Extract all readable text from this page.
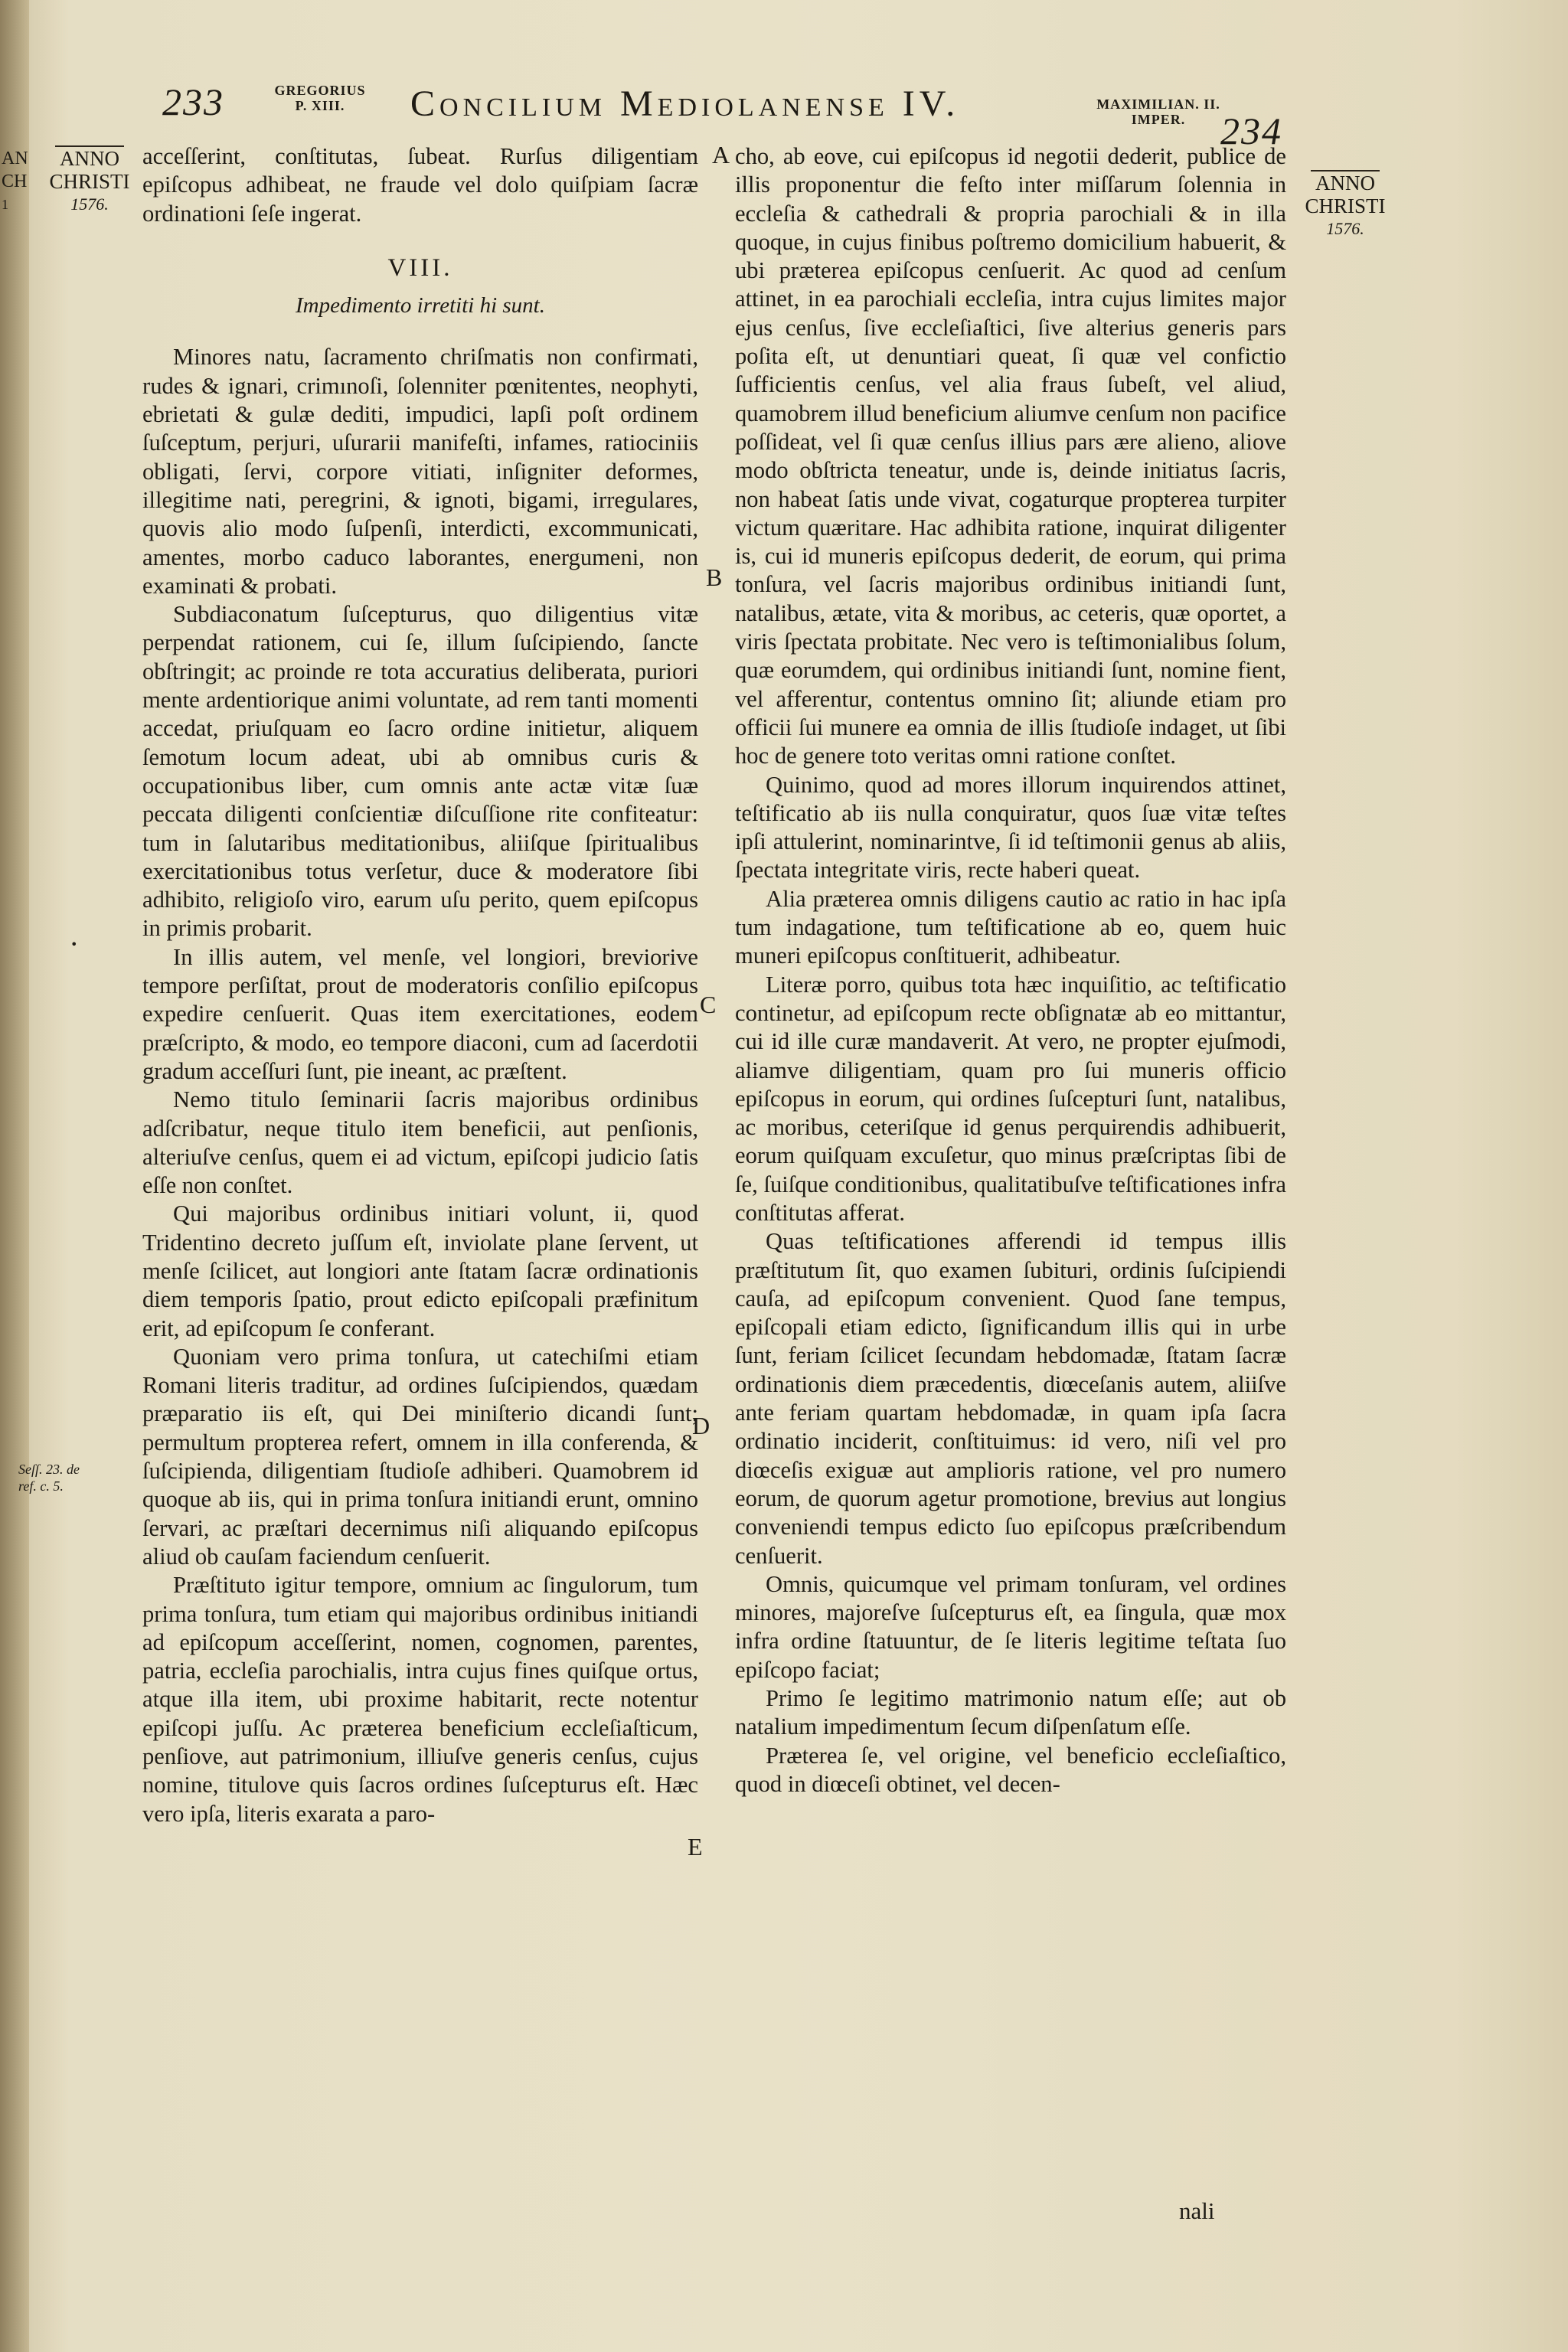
AN
CH
1
233	GREGORIUS
P. XIII.	Concilium Mediolanense IV.	MAXIMILIAN. II.
IMPER. 234
ANNO
CHRISTI
1576.
ANNO
CHRISTI
1576.
A
B
C
D
E
Seſſ. 23. de
ref. c. 5.
•

acceſſerint, conſtitutas, ſubeat. Rurſus diligentiam epiſcopus adhibeat, ne fraude vel dolo quiſpiam ſacræ ordinationi ſeſe ingerat.

VIII.

Impedimento irretiti hi sunt.

Minores natu, ſacramento chriſmatis non confirmati, rudes & ignari, crimınoſi, ſolenniter pœnitentes, neophyti, ebrietati & gulæ dediti, impudici, lapſi poſt ordinem ſuſceptum, perjuri, uſurarii manifeſti, infames, ratiociniis obligati, ſervi, corpore vitiati, inſigniter deformes, illegitime nati, peregrini, & ignoti, bigami, irregulares, quovis alio modo ſuſpenſi, interdicti, excommunicati, amentes, morbo caduco laborantes, energumeni, non examinati & probati.

Subdiaconatum ſuſcepturus, quo diligentius vitæ perpendat rationem, cui ſe, illum ſuſcipiendo, ſancte obſtringit; ac proinde re tota accuratius deliberata, puriori mente ardentiorique animi voluntate, ad rem tanti momenti accedat, priuſquam eo ſacro ordine initietur, aliquem ſemotum locum adeat, ubi ab omnibus curis & occupationibus liber, cum omnis ante actæ vitæ ſuæ peccata diligenti conſcientiæ diſcuſſione rite confiteatur: tum in ſalutaribus meditationibus, aliiſque ſpiritualibus exercitationibus totus verſetur, duce & moderatore ſibi adhibito, religioſo viro, earum uſu perito, quem epiſcopus in primis probarit.

In illis autem, vel menſe, vel longiori, breviorive tempore perſiſtat, prout de moderatoris conſilio epiſcopus expedire cenſuerit. Quas item exercitationes, eodem præſcripto, & modo, eo tempore diaconi, cum ad ſacerdotii gradum acceſſuri ſunt, pie ineant, ac præſtent.

Nemo titulo ſeminarii ſacris majoribus ordinibus adſcribatur, neque titulo item beneficii, aut penſionis, alteriuſve cenſus, quem ei ad victum, epiſcopi judicio ſatis eſſe non conſtet.

Qui majoribus ordinibus initiari volunt, ii, quod Tridentino decreto juſſum eſt, inviolate plane ſervent, ut menſe ſcilicet, aut longiori ante ſtatam ſacræ ordinationis diem temporis ſpatio, prout edicto epiſcopali præfinitum erit, ad epiſcopum ſe conferant.

Quoniam vero prima tonſura, ut catechiſmi etiam Romani literis traditur, ad ordines ſuſcipiendos, quædam præparatio iis eſt, qui Dei miniſterio dicandi ſunt; permultum propterea refert, omnem in illa conferenda, & ſuſcipienda, diligentiam ſtudioſe adhiberi. Quamobrem id quoque ab iis, qui in prima tonſura initiandi erunt, omnino ſervari, ac præſtari decernimus niſi aliquando epiſcopus aliud ob cauſam faciendum cenſuerit.

Præſtituto igitur tempore, omnium ac ſingulorum, tum prima tonſura, tum etiam qui majoribus ordinibus initiandi ad epiſcopum acceſſerint, nomen, cognomen, parentes, patria, eccleſia parochialis, intra cujus fines quiſque ortus, atque illa item, ubi proxime habitarit, recte notentur epiſcopi juſſu. Ac præterea beneficium eccleſiaſticum, penſiove, aut patrimonium, illiuſve generis cenſus, cujus nomine, titulove quis ſacros ordines ſuſcepturus eſt. Hæc vero ipſa, literis exarata a paro-

cho, ab eove, cui epiſcopus id negotii dederit, publice de illis proponentur die feſto inter miſſarum ſolennia in eccleſia & cathedrali & propria parochiali & in illa quoque, in cujus finibus poſtremo domicilium habuerit, & ubi præterea epiſcopus cenſuerit. Ac quod ad cenſum attinet, in ea parochiali eccleſia, intra cujus limites major ejus cenſus, ſive eccleſiaſtici, ſive alterius generis pars poſita eſt, ut denuntiari queat, ſi quæ vel confictio ſufficientis cenſus, vel alia fraus ſubeſt, vel aliud, quamobrem illud beneficium aliumve cenſum non pacifice poſſideat, vel ſi quæ cenſus illius pars ære alieno, aliove modo obſtricta teneatur, unde is, deinde initiatus ſacris, non habeat ſatis unde vivat, cogaturque propterea turpiter victum quæritare. Hac adhibita ratione, inquirat diligenter is, cui id muneris epiſcopus dederit, de eorum, qui prima tonſura, vel ſacris majoribus ordinibus initiandi ſunt, natalibus, ætate, vita & moribus, ac ceteris, quæ oportet, a viris ſpectata probitate. Nec vero is teſtimonialibus ſolum, quæ eorumdem, qui ordinibus initiandi ſunt, nomine fient, vel afferentur, contentus omnino ſit; aliunde etiam pro officii ſui munere ea omnia de illis ſtudioſe indaget, ut ſibi hoc de genere toto veritas omni ratione conſtet.

Quinimo, quod ad mores illorum inquirendos attinet, teſtificatio ab iis nulla conquiratur, quos ſuæ vitæ teſtes ipſi attulerint, nominarintve, ſi id teſtimonii genus ab aliis, ſpectata integritate viris, recte haberi queat.

Alia præterea omnis diligens cautio ac ratio in hac ipſa tum indagatione, tum teſtificatione ab eo, quem huic muneri epiſcopus conſtituerit, adhibeatur.

Literæ porro, quibus tota hæc inquiſitio, ac teſtificatio continetur, ad epiſcopum recte obſignatæ ab eo mittantur, cui id ille curæ mandaverit. At vero, ne propter ejuſmodi, aliamve diligentiam, quam pro ſui muneris officio epiſcopus in eorum, qui ordines ſuſcepturi ſunt, natalibus, ac moribus, ceteriſque id genus perquirendis adhibuerit, eorum quiſquam excuſetur, quo minus præſcriptas ſibi de ſe, ſuiſque conditionibus, qualitatibuſve teſtificationes infra conſtitutas afferat.

Quas teſtificationes afferendi id tempus illis præſtitutum ſit, quo examen ſubituri, ordinis ſuſcipiendi cauſa, ad epiſcopum convenient. Quod ſane tempus, epiſcopali etiam edicto, ſignificandum illis qui in urbe ſunt, feriam ſcilicet ſecundam hebdomadæ, ſtatam ſacræ ordinationis diem præcedentis, diœceſanis autem, aliiſve ante feriam quartam hebdomadæ, in quam ipſa ſacra ordinatio inciderit, conſtituimus: id vero, niſi vel pro diœceſis exiguæ aut amplioris ratione, vel pro numero eorum, de quorum agetur promotione, brevius aut longius conveniendi tempus edicto ſuo epiſcopus præſcribendum cenſuerit.

Omnis, quicumque vel primam tonſuram, vel ordines minores, majoreſve ſuſcepturus eſt, ea ſingula, quæ mox infra ordine ſtatuuntur, de ſe literis legitime teſtata ſuo epiſcopo faciat;

Primo ſe legitimo matrimonio natum eſſe; aut ob natalium impedimentum ſecum diſpenſatum eſſe.

Præterea ſe, vel origine, vel beneficio eccleſiaſtico, quod in diœceſi obtinet, vel decen-

nali
